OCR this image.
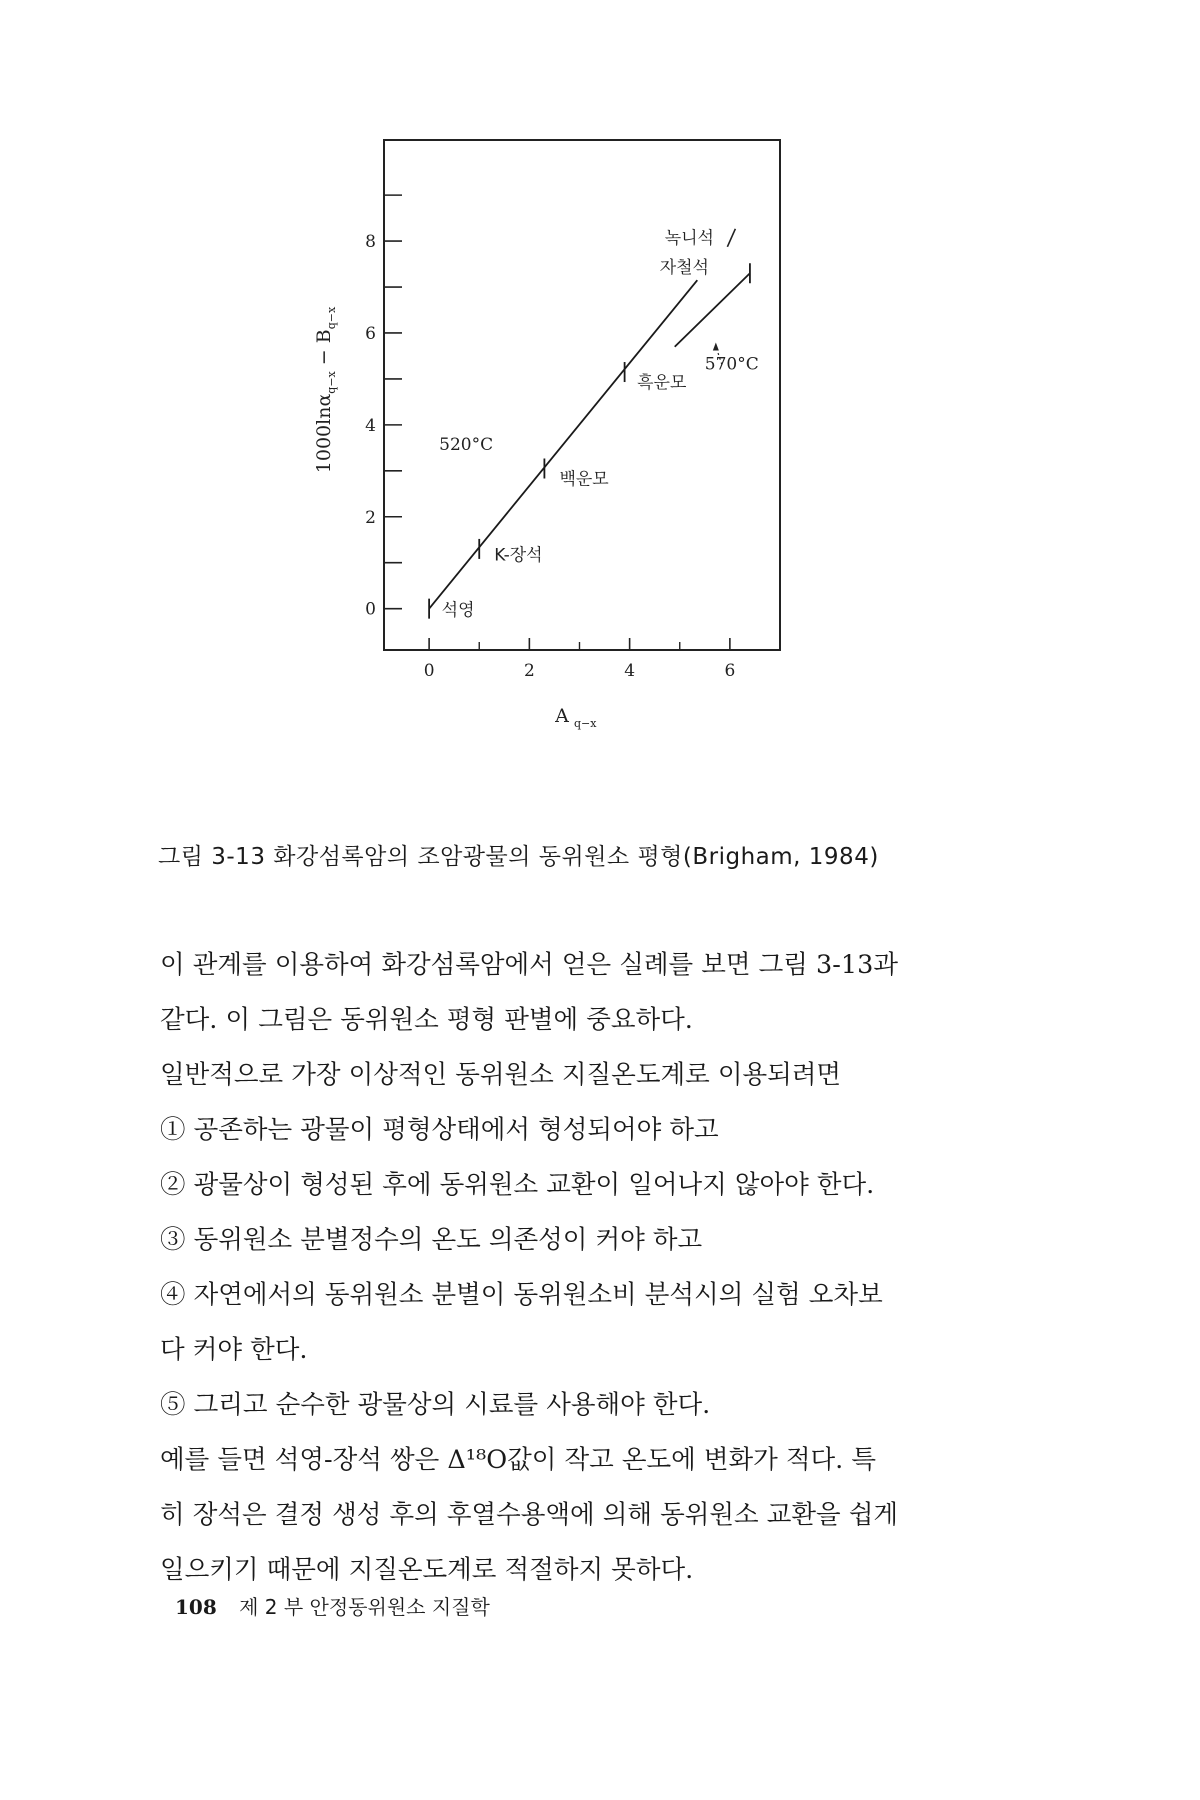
0
2
4
6
8
0	2	4	6
석영
K-장석
백운모
흑운모
녹니석
자철석
570°C
520°C
A q−x
$1000\ln\alpha_{q-x} - B_{q-x}$
그림 3-13 화강섬록암의 조암광물의 동위원소 평형(Brigham, 1984)

이 관계를 이용하여 화강섬록암에서 얻은 실례를 보면 그림 3-13과

같다. 이 그림은 동위원소 평형 판별에 중요하다.

일반적으로 가장 이상적인 동위원소 지질온도계로 이용되려면

① 공존하는 광물이 평형상태에서 형성되어야 하고

② 광물상이 형성된 후에 동위원소 교환이 일어나지 않아야 한다.

③ 동위원소 분별정수의 온도 의존성이 커야 하고

④ 자연에서의 동위원소 분별이 동위원소비 분석시의 실험 오차보

다 커야 한다.

⑤ 그리고 순수한 광물상의 시료를 사용해야 한다.

예를 들면 석영-장석 쌍은 Δ¹⁸O값이 작고 온도에 변화가 적다. 특

히 장석은 결정 생성 후의 후열수용액에 의해 동위원소 교환을 쉽게

일으키기 때문에 지질온도계로 적절하지 못하다.

108 제 2 부 안정동위원소 지질학
